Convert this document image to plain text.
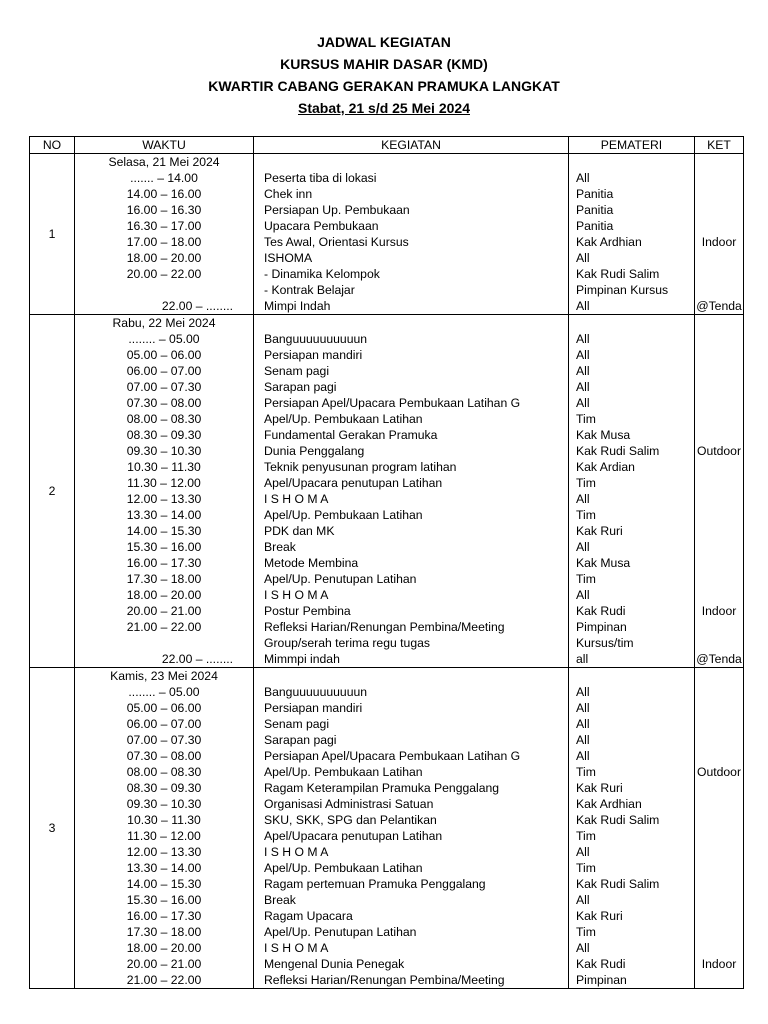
JADWAL KEGIATAN
KURSUS MAHIR DASAR (KMD)
KWARTIR CABANG GERAKAN PRAMUKA LANGKAT
Stabat, 21 s/d 25 Mei 2024
NO	WAKTU	KEGIATAN	PEMATERI	KET
1	Selasa, 21 Mei 2024			
	....... – 14.00	Peserta tiba di lokasi	All	
	14.00 – 16.00	Chek inn	Panitia	
	16.00 – 16.30	Persiapan Up. Pembukaan	Panitia	
	16.30 – 17.00	Upacara Pembukaan	Panitia	
	17.00 – 18.00	Tes Awal, Orientasi Kursus	Kak Ardhian	Indoor
	18.00 – 20.00	ISHOMA	All	
	20.00 – 22.00	- Dinamika Kelompok	Kak Rudi Salim	
		- Kontrak Belajar	Pimpinan Kursus	
	22.00 – ........	Mimpi Indah	All	@Tenda
2	Rabu, 22 Mei 2024			
	........ – 05.00	Banguuuuuuuuuun	All	
	05.00 – 06.00	Persiapan mandiri	All	
	06.00 – 07.00	Senam pagi	All	
	07.00 – 07.30	Sarapan pagi	All	
	07.30 – 08.00	Persiapan Apel/Upacara Pembukaan Latihan G	All	
	08.00 – 08.30	Apel/Up. Pembukaan Latihan	Tim	
	08.30 – 09.30	Fundamental Gerakan Pramuka	Kak Musa	
	09.30 – 10.30	Dunia Penggalang	Kak Rudi Salim	Outdoor
	10.30 – 11.30	Teknik penyusunan program latihan	Kak Ardian	
	11.30 – 12.00	Apel/Upacara penutupan Latihan	Tim	
	12.00 – 13.30	I S H O M A	All	
	13.30 – 14.00	Apel/Up. Pembukaan Latihan	Tim	
	14.00 – 15.30	PDK dan MK	Kak Ruri	
	15.30 – 16.00	Break	All	
	16.00 – 17.30	Metode Membina	Kak Musa	
	17.30 – 18.00	Apel/Up. Penutupan Latihan	Tim	
	18.00 – 20.00	I S H O M A	All	
	20.00 – 21.00	Postur Pembina	Kak Rudi	Indoor
	21.00 – 22.00	Refleksi Harian/Renungan Pembina/Meeting	Pimpinan	
		Group/serah terima regu tugas	Kursus/tim	
	22.00 – ........	Mimmpi indah	all	@Tenda
3	Kamis, 23 Mei 2024			
	........ – 05.00	Banguuuuuuuuuun	All	
	05.00 – 06.00	Persiapan mandiri	All	
	06.00 – 07.00	Senam pagi	All	
	07.00 – 07.30	Sarapan pagi	All	
	07.30 – 08.00	Persiapan Apel/Upacara Pembukaan Latihan G	All	
	08.00 – 08.30	Apel/Up. Pembukaan Latihan	Tim	Outdoor
	08.30 – 09.30	Ragam Keterampilan Pramuka Penggalang	Kak Ruri	
	09.30 – 10.30	Organisasi Administrasi Satuan	Kak Ardhian	
	10.30 – 11.30	SKU, SKK, SPG dan Pelantikan	Kak Rudi Salim	
	11.30 – 12.00	Apel/Upacara penutupan Latihan	Tim	
	12.00 – 13.30	I S H O M A	All	
	13.30 – 14.00	Apel/Up. Pembukaan Latihan	Tim	
	14.00 – 15.30	Ragam pertemuan Pramuka Penggalang	Kak Rudi Salim	
	15.30 – 16.00	Break	All	
	16.00 – 17.30	Ragam Upacara	Kak Ruri	
	17.30 – 18.00	Apel/Up. Penutupan Latihan	Tim	
	18.00 – 20.00	I S H O M A	All	
	20.00 – 21.00	Mengenal Dunia Penegak	Kak Rudi	Indoor
	21.00 – 22.00	Refleksi Harian/Renungan Pembina/Meeting	Pimpinan	
